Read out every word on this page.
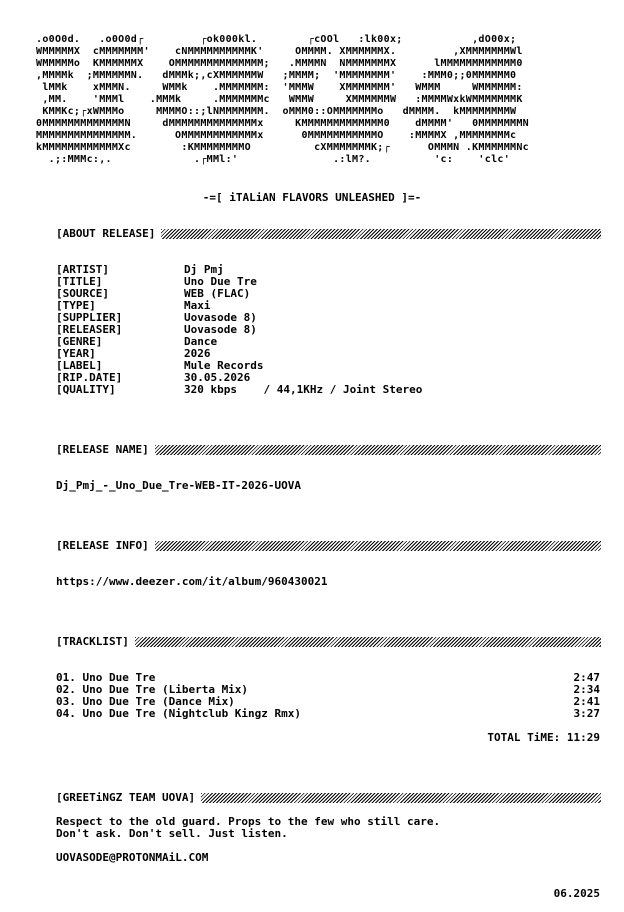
.o0O0d.   .o0O0d┌         ┌ok000kl.        ┌cOOl   :lk00x;           ,dO00x;
WMMMMMX  cMMMMMMM'    cNMMMMMMMMMMK'     OMMMM. XMMMMMMX.         ,XMMMMMMMWl
WMMMMMo  KMMMMMMX    OMMMMMMMMMMMMMM;   .MMMMN  NMMMMMMMX      lMMMMMMMMMMMM0
,MMMMk  ;MMMMMMN.   dMMMk;,cXMMMMMMW   ;MMMM;  'MMMMMMMM'    :MMM0;;0MMMMMM0
lMMk    xMMMN.     WMMk    .MMMMMMM:  'MMMW    XMMMMMMM'   WMMM     WMMMMMM:
,MM.    'MMMl    .MMMk     .MMMMMMMc   WMMW     XMMMMMMW   :MMMMWxkWMMMMMMMK
KMMKc;┌xWMMMo     MMMMO::;lNMMMMMMM.  oMMM0::OMMMMMMMo   dMMMM.  kMMMMMMMMW
0MMMMMMMMMMMMMN     dMMMMMMMMMMMMMMx     KMMMMMMMMMMMMM0    dMMMM'   0MMMMMMMN
MMMMMMMMMMMMMMM.      OMMMMMMMMMMMMx      0MMMMMMMMMMMO    :MMMMX ,MMMMMMMMc
kMMMMMMMMMMMMXc        :KMMMMMMMMO          cXMMMMMMMK;┌      OMMMN .KMMMMMMNc
.;:MMMc:,.             .┌MMl:'               .:lM?.          'c:    'clc'
-=[ iTALiAN FLAVORS UNLEASHED ]=-
[ABOUT RELEASE]
[ARTIST]	Dj Pmj
[TITLE]	Uno Due Tre
[SOURCE]	WEB (FLAC)
[TYPE]	Maxi
[SUPPLIER]	Uovasode 8)
[RELEASER]	Uovasode 8)
[GENRE]	Dance
[YEAR]	2026
[LABEL]	Mule Records
[RIP.DATE]	30.05.2026
[QUALITY]	320 kbps    / 44,1KHz / Joint Stereo
[RELEASE NAME]
Dj_Pmj_-_Uno_Due_Tre-WEB-IT-2026-UOVA
[RELEASE INFO]
https://www.deezer.com/it/album/960430021
[TRACKLIST]
01. Uno Due Tre	2:47
02. Uno Due Tre (Liberta Mix)	2:34
03. Uno Due Tre (Dance Mix)	2:41
04. Uno Due Tre (Nightclub Kingz Rmx)	3:27
TOTAL TiME: 11:29
[GREETiNGZ TEAM UOVA]
Respect to the old guard. Props to the few who still care.
Don't ask. Don't sell. Just listen.
UOVASODE@PROTONMAiL.COM
06.2025
